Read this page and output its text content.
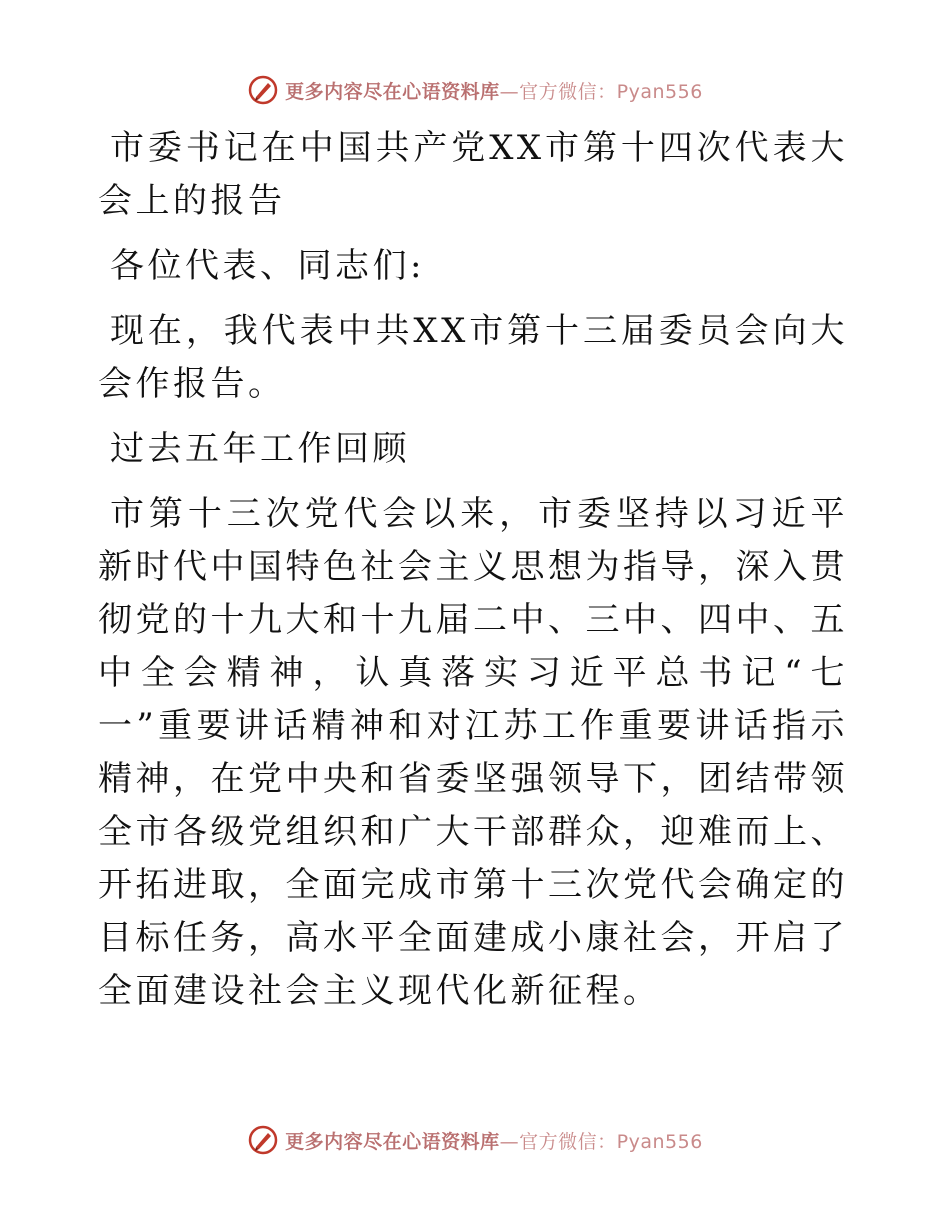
更多内容尽在心语资料库—官方微信：Pyan556

市委书记在中国共产党XX市第十四次代表大会上的报告

各位代表、同志们:

现在，我代表中共XX市第十三届委员会向大会作报告。

过去五年工作回顾

市第十三次党代会以来，市委坚持以习近平新时代中国特色社会主义思想为指导，深入贯彻党的十九大和十九届二中、三中、四中、五中全会精神，认真落实习近平总书记“七一”重要讲话精神和对江苏工作重要讲话指示精神，在党中央和省委坚强领导下，团结带领全市各级党组织和广大干部群众，迎难而上、开拓进取，全面完成市第十三次党代会确定的目标任务，高水平全面建成小康社会，开启了全面建设社会主义现代化新征程。

更多内容尽在心语资料库—官方微信：Pyan556
